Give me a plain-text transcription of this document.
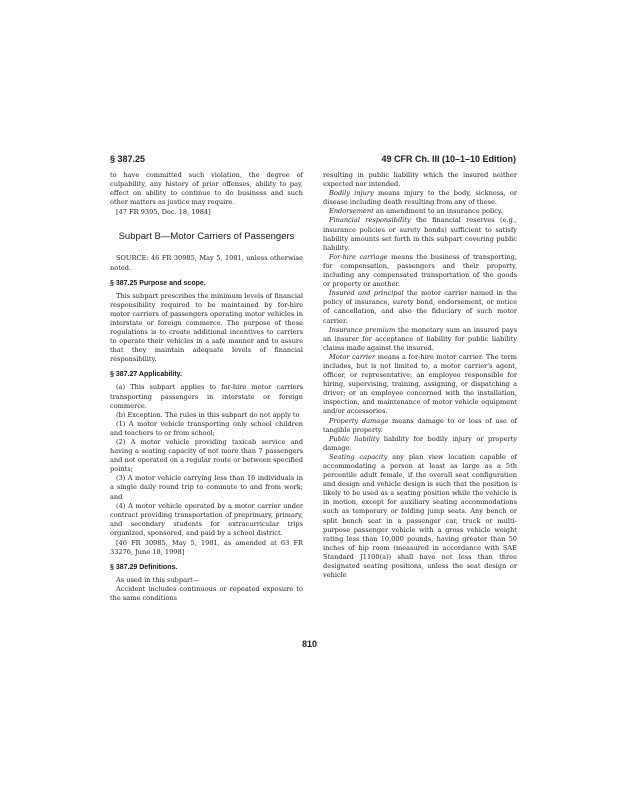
§ 387.25	49 CFR Ch. III (10–1–10 Edition)

to have committed such violation, the degree of culpability, any history of prior offenses, ability to pay, effect on ability to continue to do business and such other matters as justice may require.

[47 FR 9395, Dec. 18, 1984]

Subpart B—Motor Carriers of Passengers

SOURCE: 46 FR 30985, May 5, 1981, unless otherwise noted.

§ 387.25 Purpose and scope.

This subpart prescribes the minimum levels of financial responsibility required to be maintained by for-hire motor carriers of passengers operating motor vehicles in interstate or foreign commerce. The purpose of these regulations is to create additional incentives to carriers to operate their vehicles in a safe manner and to assure that they maintain adequate levels of financial responsibility.

§ 387.27 Applicability.

(a) This subpart applies to for-hire motor carriers transporting passengers in interstate or foreign commerce.

(b) Exception. The rules in this subpart do not apply to

(1) A motor vehicle transporting only school children and teachers to or from school;

(2) A motor vehicle providing taxicab service and having a seating capacity of not more than 7 passengers and not operated on a regular route or between specified points;

(3) A motor vehicle carrying less than 16 individuals in a single daily round trip to commute to and from work; and

(4) A motor vehicle operated by a motor carrier under contract providing transportation of preprimary, primary, and secondary students for extracurricular trips organized, sponsored, and paid by a school district.

[46 FR 30985, May 5, 1981, as amended at 63 FR 33276, June 18, 1998]

§ 387.29 Definitions.

As used in this subpart—

Accident includes continuous or repeated exposure to the same conditions

resulting in public liability which the insured neither expected nor intended.

Bodily injury means injury to the body, sickness, or disease including death resulting from any of these.

Endorsement an amendment to an insurance policy.

Financial responsibility the financial reserves (e.g., insurance policies or surety bonds) sufficient to satisfy liability amounts set forth in this subpart covering public liability.

For-hire carriage means the business of transporting, for compensation, passengers and their property, including any compensated transportation of the goods or property or another.

Insured and principal the motor carrier named in the policy of insurance, surety bond, endorsement, or notice of cancellation, and also the fiduciary of such motor carrier.

Insurance premium the monetary sum an insured pays an insurer for acceptance of liability for public liability claims made against the insured.

Motor carrier means a for-hire motor carrier. The term includes, but is not limited to, a motor carrier's agent, officer, or representative; an employee responsible for hiring, supervising, training, assigning, or dispatching a driver; or an employee concerned with the installation, inspection, and maintenance of motor vehicle equipment and/or accessories.

Property damage means damage to or loss of use of tangible property.

Public liability liability for bodily injury or property damage.

Seating capacity any plan view location capable of accommodating a person at least as large as a 5th percentile adult female, if the overall seat configuration and design and vehicle design is such that the position is likely to be used as a seating position while the vehicle is in motion, except for auxiliary seating accommodations such as temporary or folding jump seats. Any bench or split bench seat in a passenger car, truck or multi-purpose passenger vehicle with a gross vehicle weight rating less than 10,000 pounds, having greater than 50 inches of hip room (measured in accordance with SAE Standard J1100(a)) shall have not less than three designated seating positions, unless the seat design or vehicle

810
